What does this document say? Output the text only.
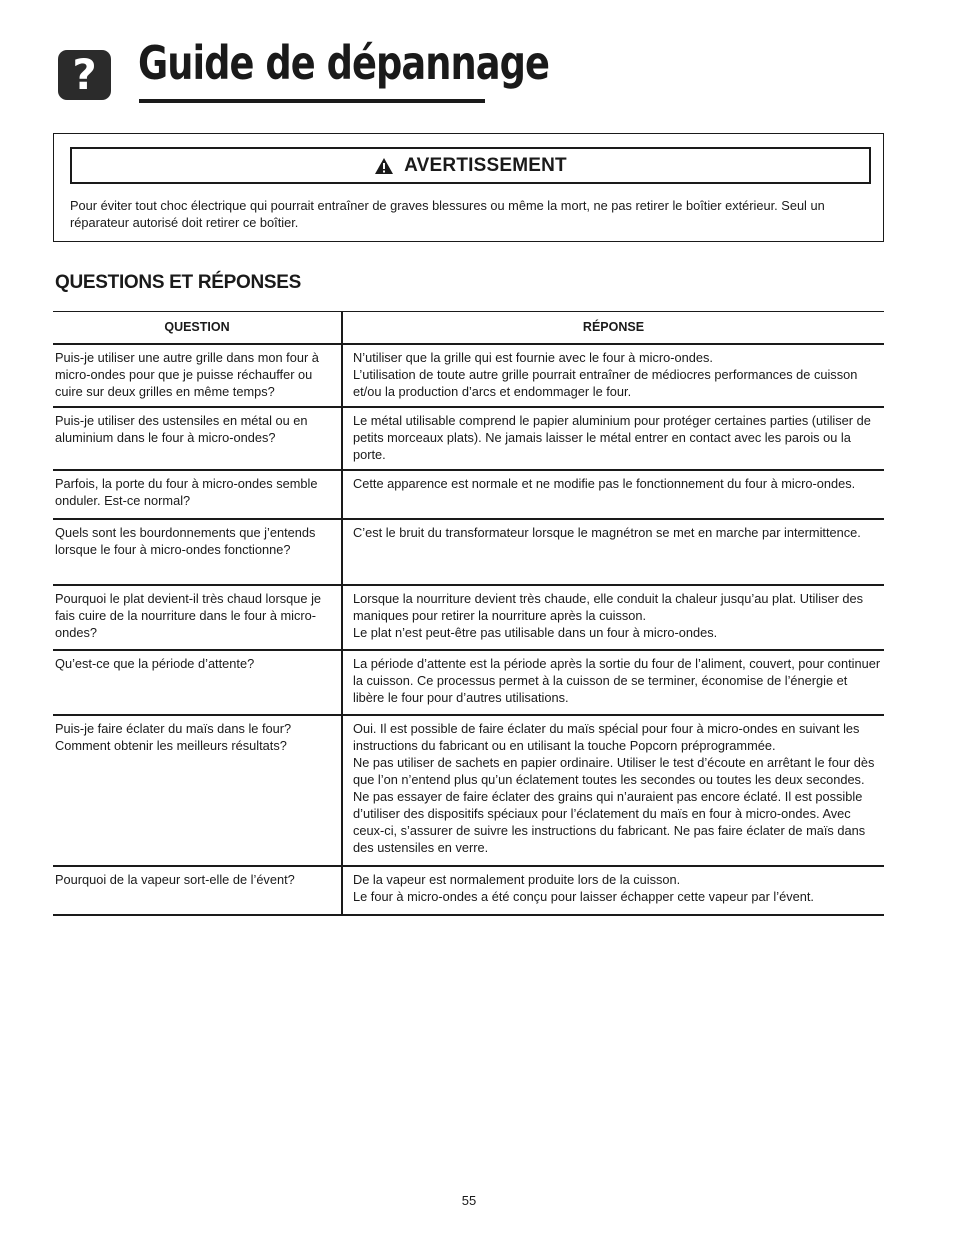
? Guide de dépannage
AVERTISSEMENT
Pour éviter tout choc électrique qui pourrait entraîner de graves blessures ou même la mort, ne pas retirer le boîtier extérieur. Seul un réparateur autorisé doit retirer ce boîtier.
QUESTIONS ET RÉPONSES
QUESTION	RÉPONSE
Puis-je utiliser une autre grille dans mon four à micro-ondes pour que je puisse réchauffer ou cuire sur deux grilles en même temps?	N’utiliser que la grille qui est fournie avec le four à micro-ondes.
L’utilisation de toute autre grille pourrait entraîner de médiocres performances de cuisson et/ou la production d’arcs et endommager le four.

Puis-je utiliser des ustensiles en métal ou en aluminium dans le four à micro-ondes?	Le métal utilisable comprend le papier aluminium pour protéger certaines parties (utiliser de petits morceaux plats). Ne jamais laisser le métal entrer en contact avec les parois ou la porte.

Parfois, la porte du four à micro-ondes semble onduler. Est-ce normal?	Cette apparence est normale et ne modifie pas le fonctionnement du four à micro-ondes.

Quels sont les bourdonnements que j’entends lorsque le four à micro-ondes fonctionne?	C’est le bruit du transformateur lorsque le magnétron se met en marche par intermittence.

Pourquoi le plat devient-il très chaud lorsque je fais cuire de la nourriture dans le four à micro-ondes?	Lorsque la nourriture devient très chaude, elle conduit la chaleur jusqu’au plat. Utiliser des maniques pour retirer la nourriture après la cuisson.
Le plat n’est peut-être pas utilisable dans un four à micro-ondes.

Qu’est-ce que la période d’attente?	La période d’attente est la période après la sortie du four de l’aliment, couvert, pour continuer la cuisson. Ce processus permet à la cuisson de se terminer, économise de l’énergie et libère le four pour d’autres utilisations.

Puis-je faire éclater du maïs dans le four? Comment obtenir les meilleurs résultats?	Oui. Il est possible de faire éclater du maïs spécial pour four à micro-ondes en suivant les instructions du fabricant ou en utilisant la touche Popcorn préprogrammée.
Ne pas utiliser de sachets en papier ordinaire. Utiliser le test d’écoute en arrêtant le four dès que l’on n’entend plus qu’un éclatement toutes les secondes ou toutes les deux secondes. Ne pas essayer de faire éclater des grains qui n’auraient pas encore éclaté. Il est possible d’utiliser des dispositifs spéciaux pour l’éclatement du maïs en four à micro-ondes. Avec ceux-ci, s’assurer de suivre les instructions du fabricant. Ne pas faire éclater de maïs dans des ustensiles en verre.

Pourquoi de la vapeur sort-elle de l’évent?	De la vapeur est normalement produite lors de la cuisson.
Le four à micro-ondes a été conçu pour laisser échapper cette vapeur par l’évent.
55
